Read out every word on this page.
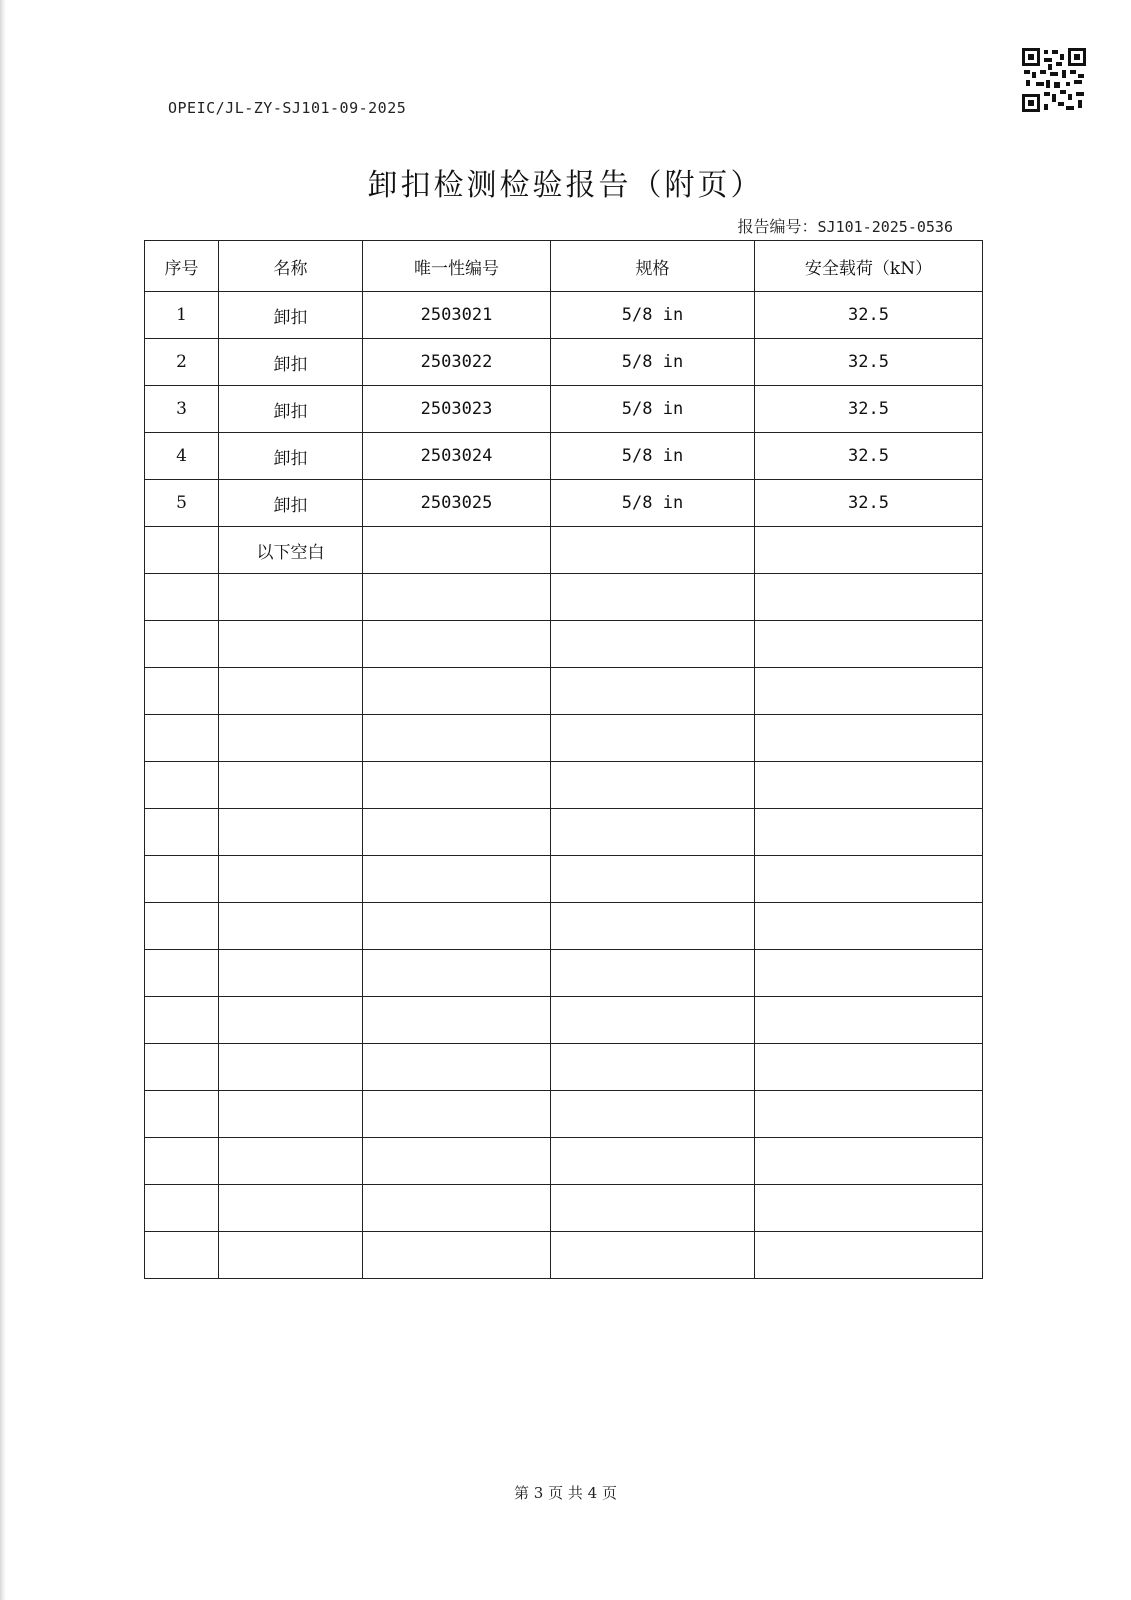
OPEIC/JL-ZY-SJ101-09-2025
卸扣检测检验报告（附页）
报告编号：SJ101-2025-0536
序号	名称	唯一性编号	规格	安全载荷（kN）
1	卸扣	2503021	5/8 in	32.5
2	卸扣	2503022	5/8 in	32.5
3	卸扣	2503023	5/8 in	32.5
4	卸扣	2503024	5/8 in	32.5
5	卸扣	2503025	5/8 in	32.5
	以下空白			

第 3 页 共 4 页
